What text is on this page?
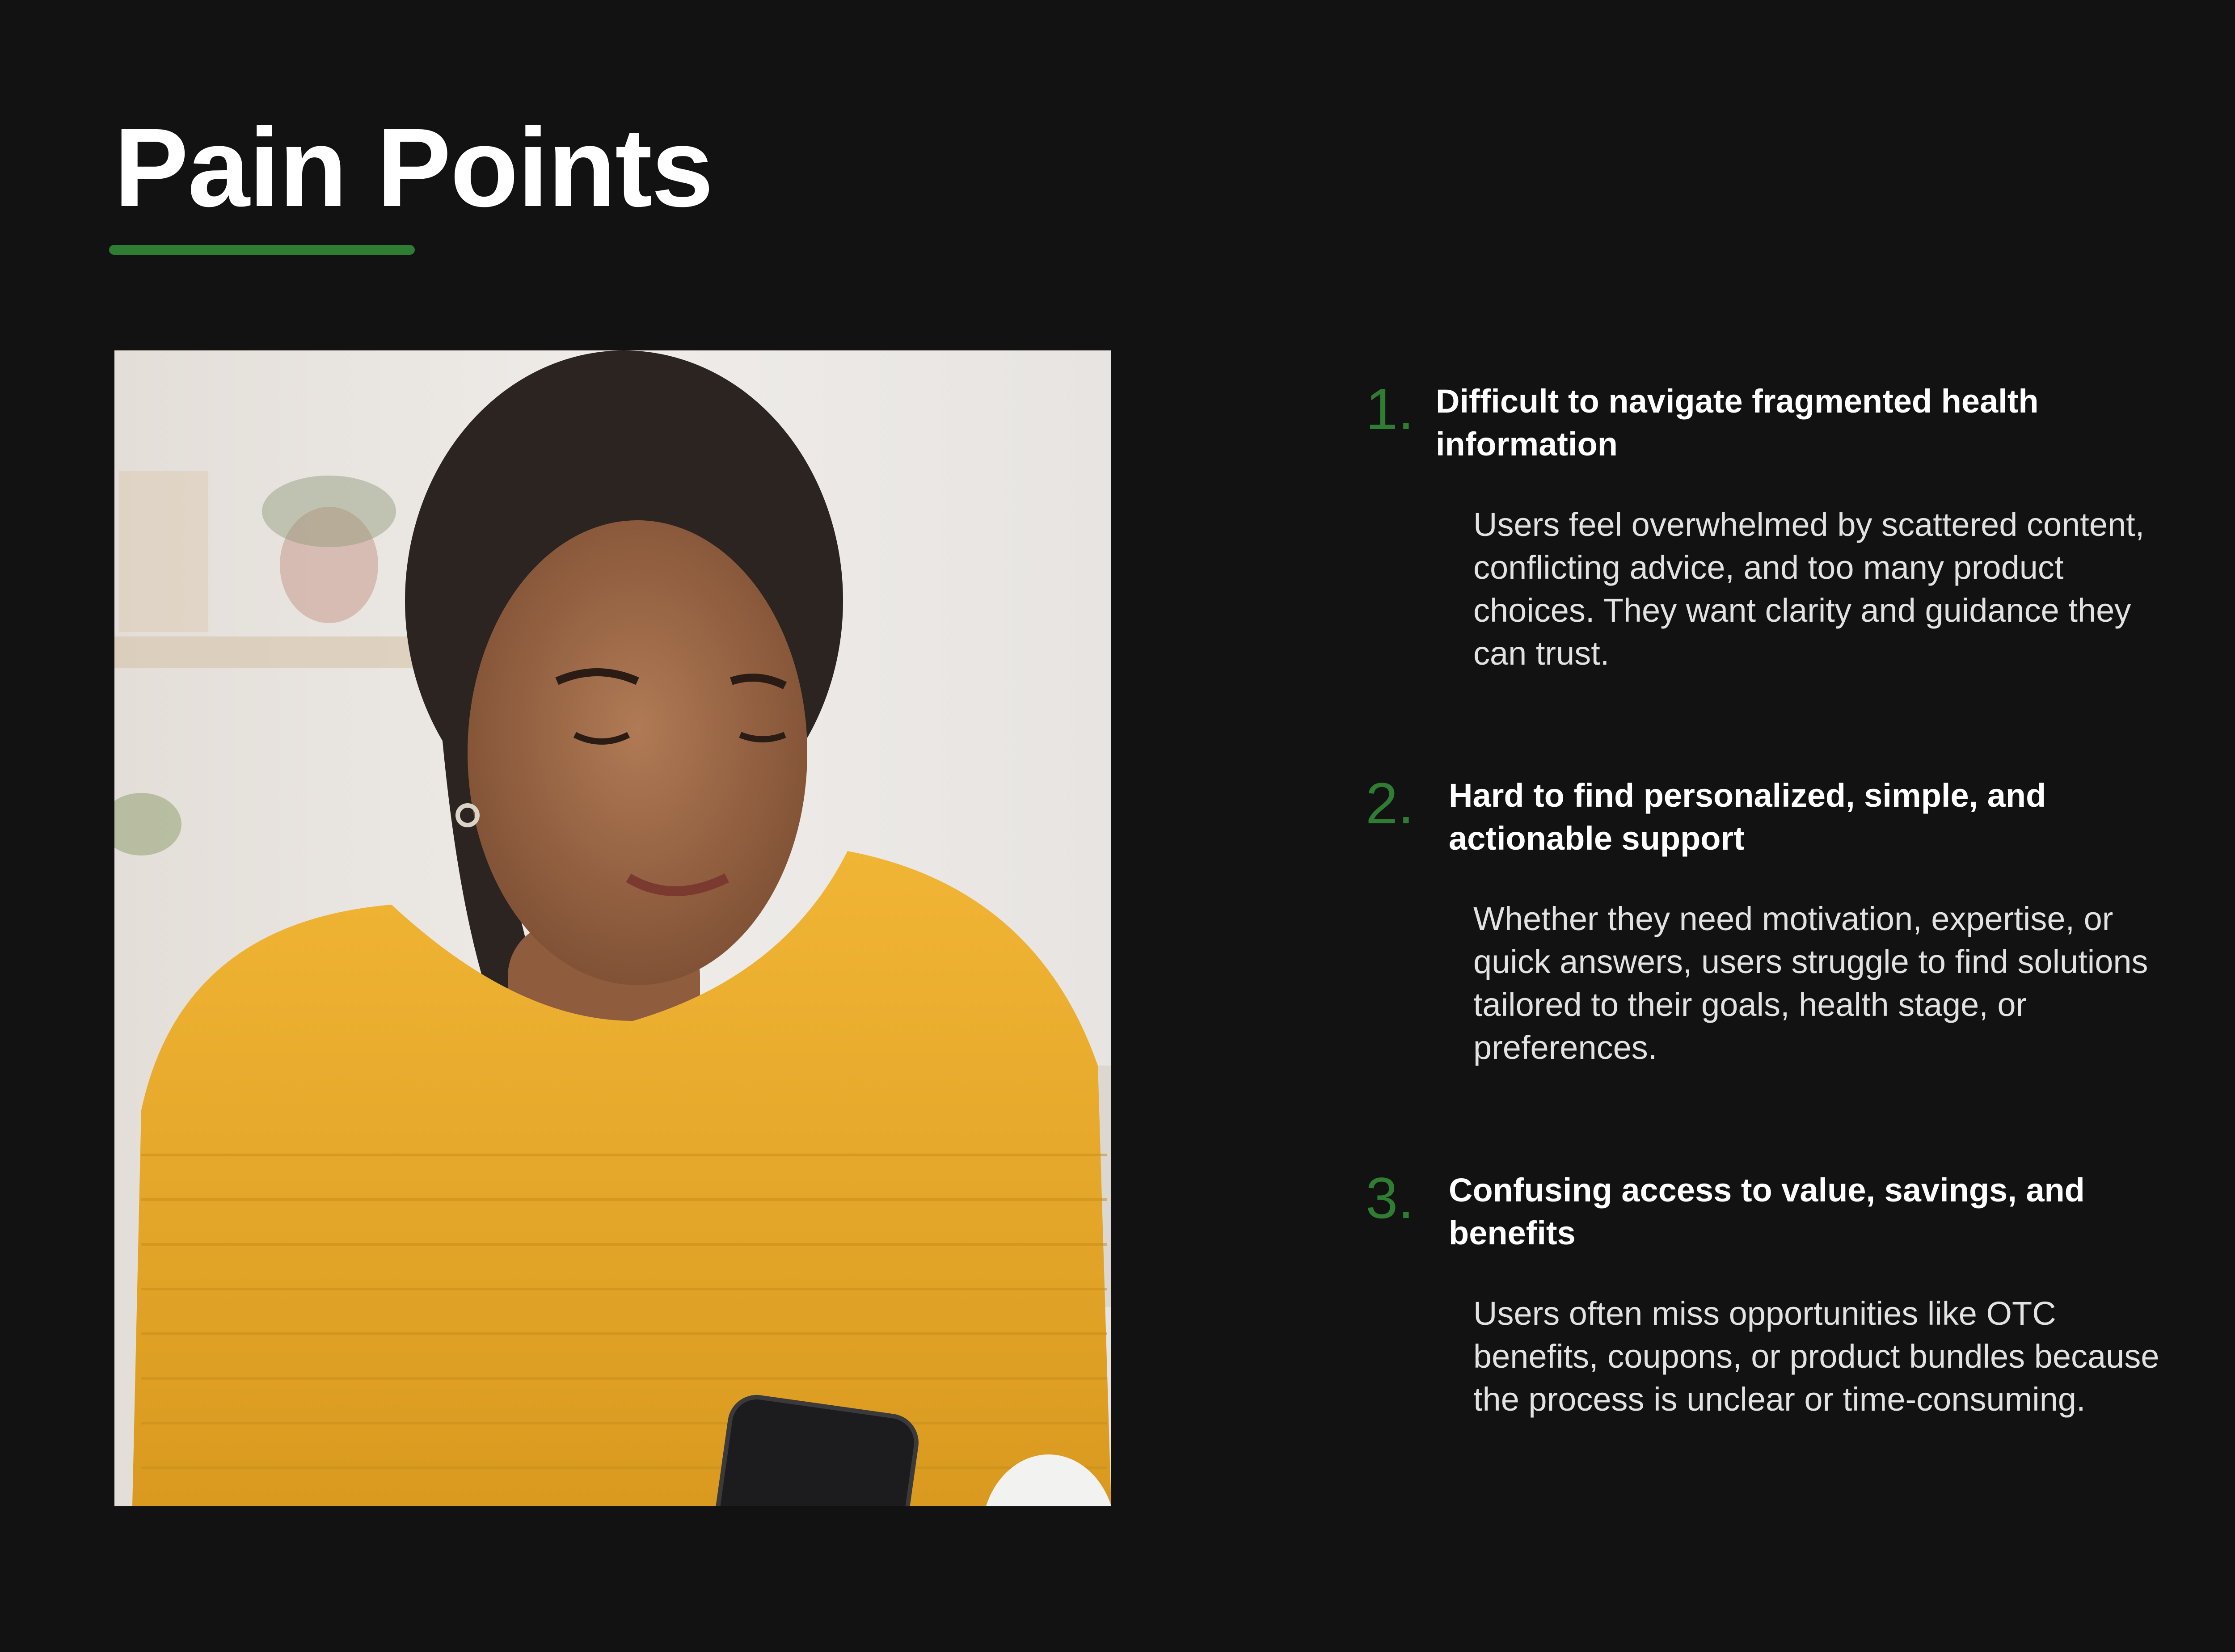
Pain Points
1. Difficult to navigate fragmented health information

Users feel overwhelmed by scattered content, conflicting advice, and too many product choices. They want clarity and guidance they can trust.

2. Hard to find personalized, simple, and actionable support

Whether they need motivation, expertise, or quick answers, users struggle to find solutions tailored to their goals, health stage, or preferences.

3. Confusing access to value, savings, and benefits

Users often miss opportunities like OTC benefits, coupons, or product bundles because the process is unclear or time-consuming.
